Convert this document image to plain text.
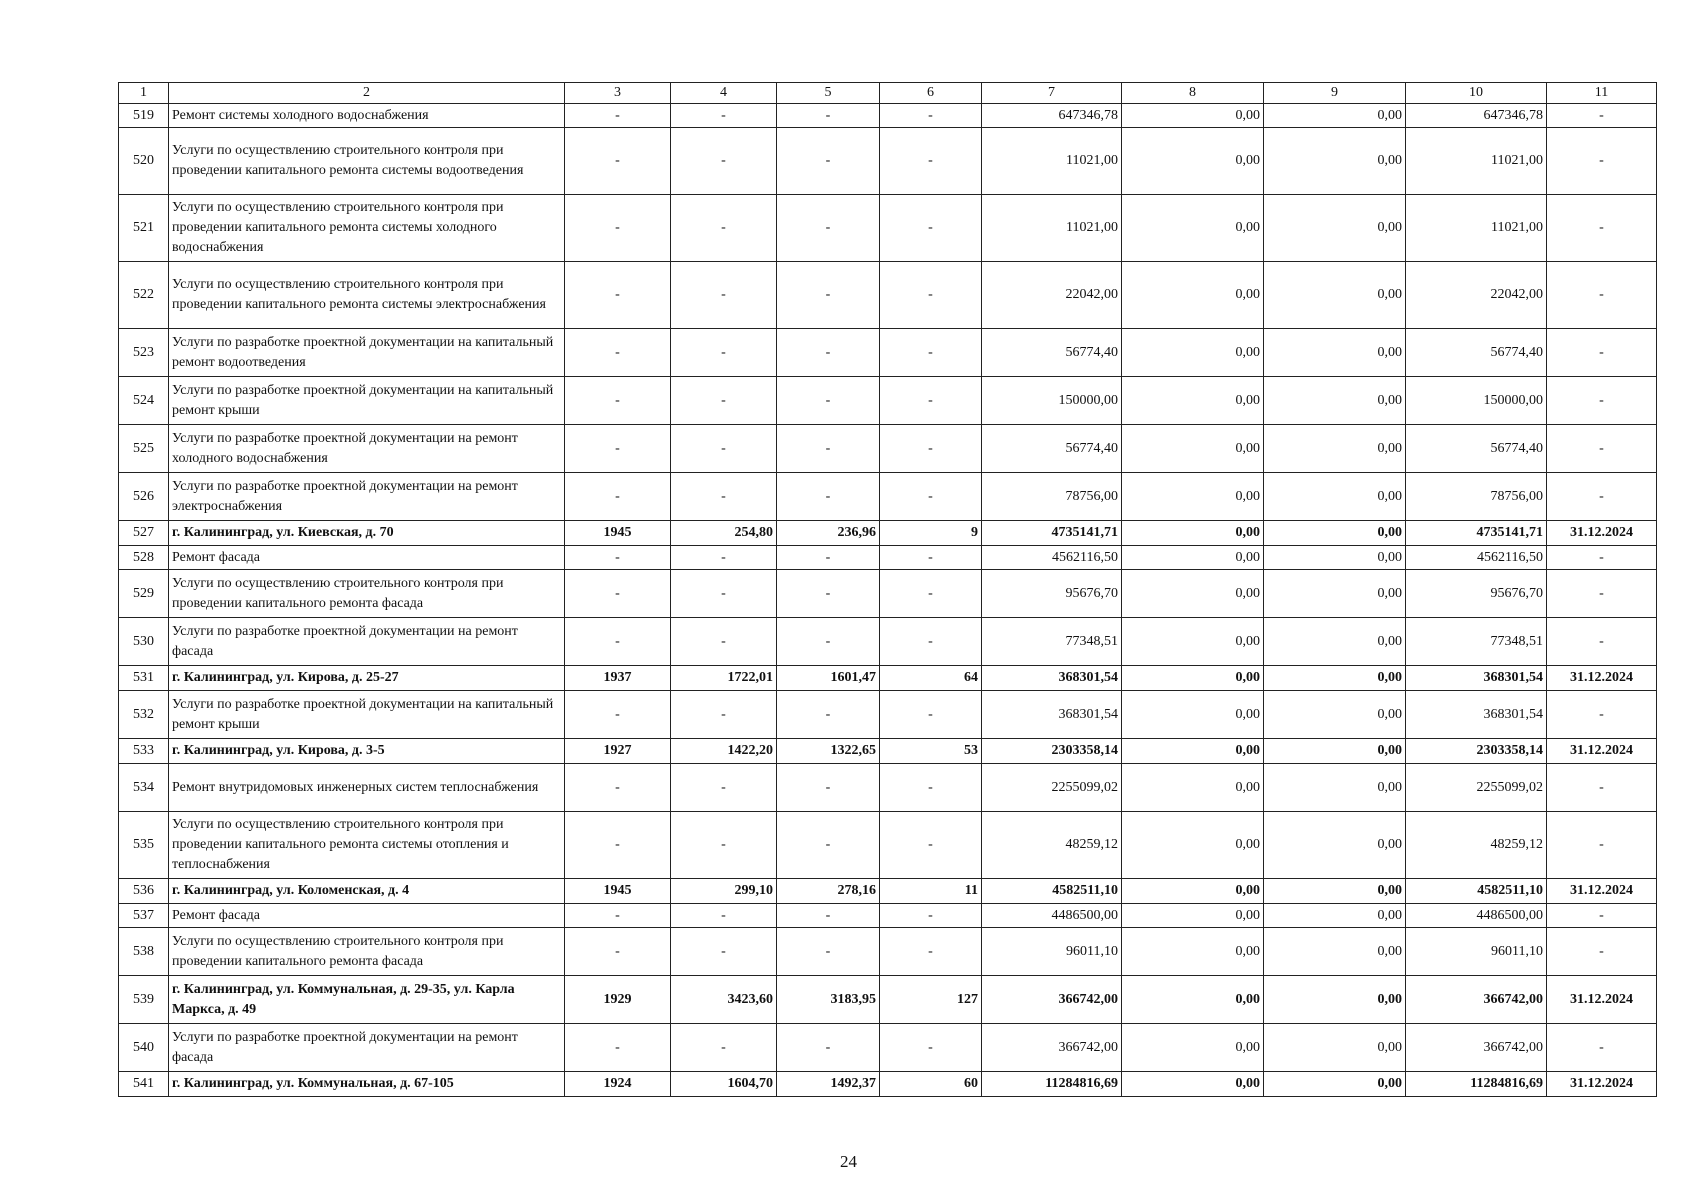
1	2	3	4	5	6	7	8	9	10	11
519	Ремонт системы холодного водоснабжения	-	-	-	-	647346,78	0,00	0,00	647346,78	-
520	Услуги по осуществлению строительного контроля при проведении капитального ремонта системы водоотведения	-	-	-	-	11021,00	0,00	0,00	11021,00	-
521	Услуги по осуществлению строительного контроля при проведении капитального ремонта системы холодного водоснабжения	-	-	-	-	11021,00	0,00	0,00	11021,00	-
522	Услуги по осуществлению строительного контроля при проведении капитального ремонта системы электроснабжения	-	-	-	-	22042,00	0,00	0,00	22042,00	-
523	Услуги по разработке проектной документации на капитальный ремонт водоотведения	-	-	-	-	56774,40	0,00	0,00	56774,40	-
524	Услуги по разработке проектной документации на капитальный ремонт крыши	-	-	-	-	150000,00	0,00	0,00	150000,00	-
525	Услуги по разработке проектной документации на ремонт холодного водоснабжения	-	-	-	-	56774,40	0,00	0,00	56774,40	-
526	Услуги по разработке проектной документации на ремонт электроснабжения	-	-	-	-	78756,00	0,00	0,00	78756,00	-
527	г. Калининград, ул. Киевская, д. 70	1945	254,80	236,96	9	4735141,71	0,00	0,00	4735141,71	31.12.2024
528	Ремонт фасада	-	-	-	-	4562116,50	0,00	0,00	4562116,50	-
529	Услуги по осуществлению строительного контроля при проведении капитального ремонта фасада	-	-	-	-	95676,70	0,00	0,00	95676,70	-
530	Услуги по разработке проектной документации на ремонт фасада	-	-	-	-	77348,51	0,00	0,00	77348,51	-
531	г. Калининград, ул. Кирова, д. 25-27	1937	1722,01	1601,47	64	368301,54	0,00	0,00	368301,54	31.12.2024
532	Услуги по разработке проектной документации на капитальный ремонт крыши	-	-	-	-	368301,54	0,00	0,00	368301,54	-
533	г. Калининград, ул. Кирова, д. 3-5	1927	1422,20	1322,65	53	2303358,14	0,00	0,00	2303358,14	31.12.2024
534	Ремонт внутридомовых инженерных систем теплоснабжения	-	-	-	-	2255099,02	0,00	0,00	2255099,02	-
535	Услуги по осуществлению строительного контроля при проведении капитального ремонта системы отопления и теплоснабжения	-	-	-	-	48259,12	0,00	0,00	48259,12	-
536	г. Калининград, ул. Коломенская, д. 4	1945	299,10	278,16	11	4582511,10	0,00	0,00	4582511,10	31.12.2024
537	Ремонт фасада	-	-	-	-	4486500,00	0,00	0,00	4486500,00	-
538	Услуги по осуществлению строительного контроля при проведении капитального ремонта фасада	-	-	-	-	96011,10	0,00	0,00	96011,10	-
539	г. Калининград, ул. Коммунальная, д. 29-35, ул. Карла Маркса, д. 49	1929	3423,60	3183,95	127	366742,00	0,00	0,00	366742,00	31.12.2024
540	Услуги по разработке проектной документации на ремонт фасада	-	-	-	-	366742,00	0,00	0,00	366742,00	-
541	г. Калининград, ул. Коммунальная, д. 67-105	1924	1604,70	1492,37	60	11284816,69	0,00	0,00	11284816,69	31.12.2024
24
